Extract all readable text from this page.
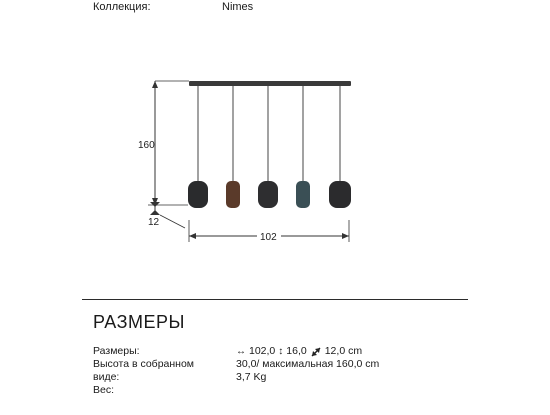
Коллекция:	Nimes
160
12
102
РАЗМЕРЫ
Размеры:
Высота в собранном виде:
Вес:
↔ 102,0 ↕ 16,0 12,0 cm
30,0/ максимальная 160,0 cm
3,7 Kg
